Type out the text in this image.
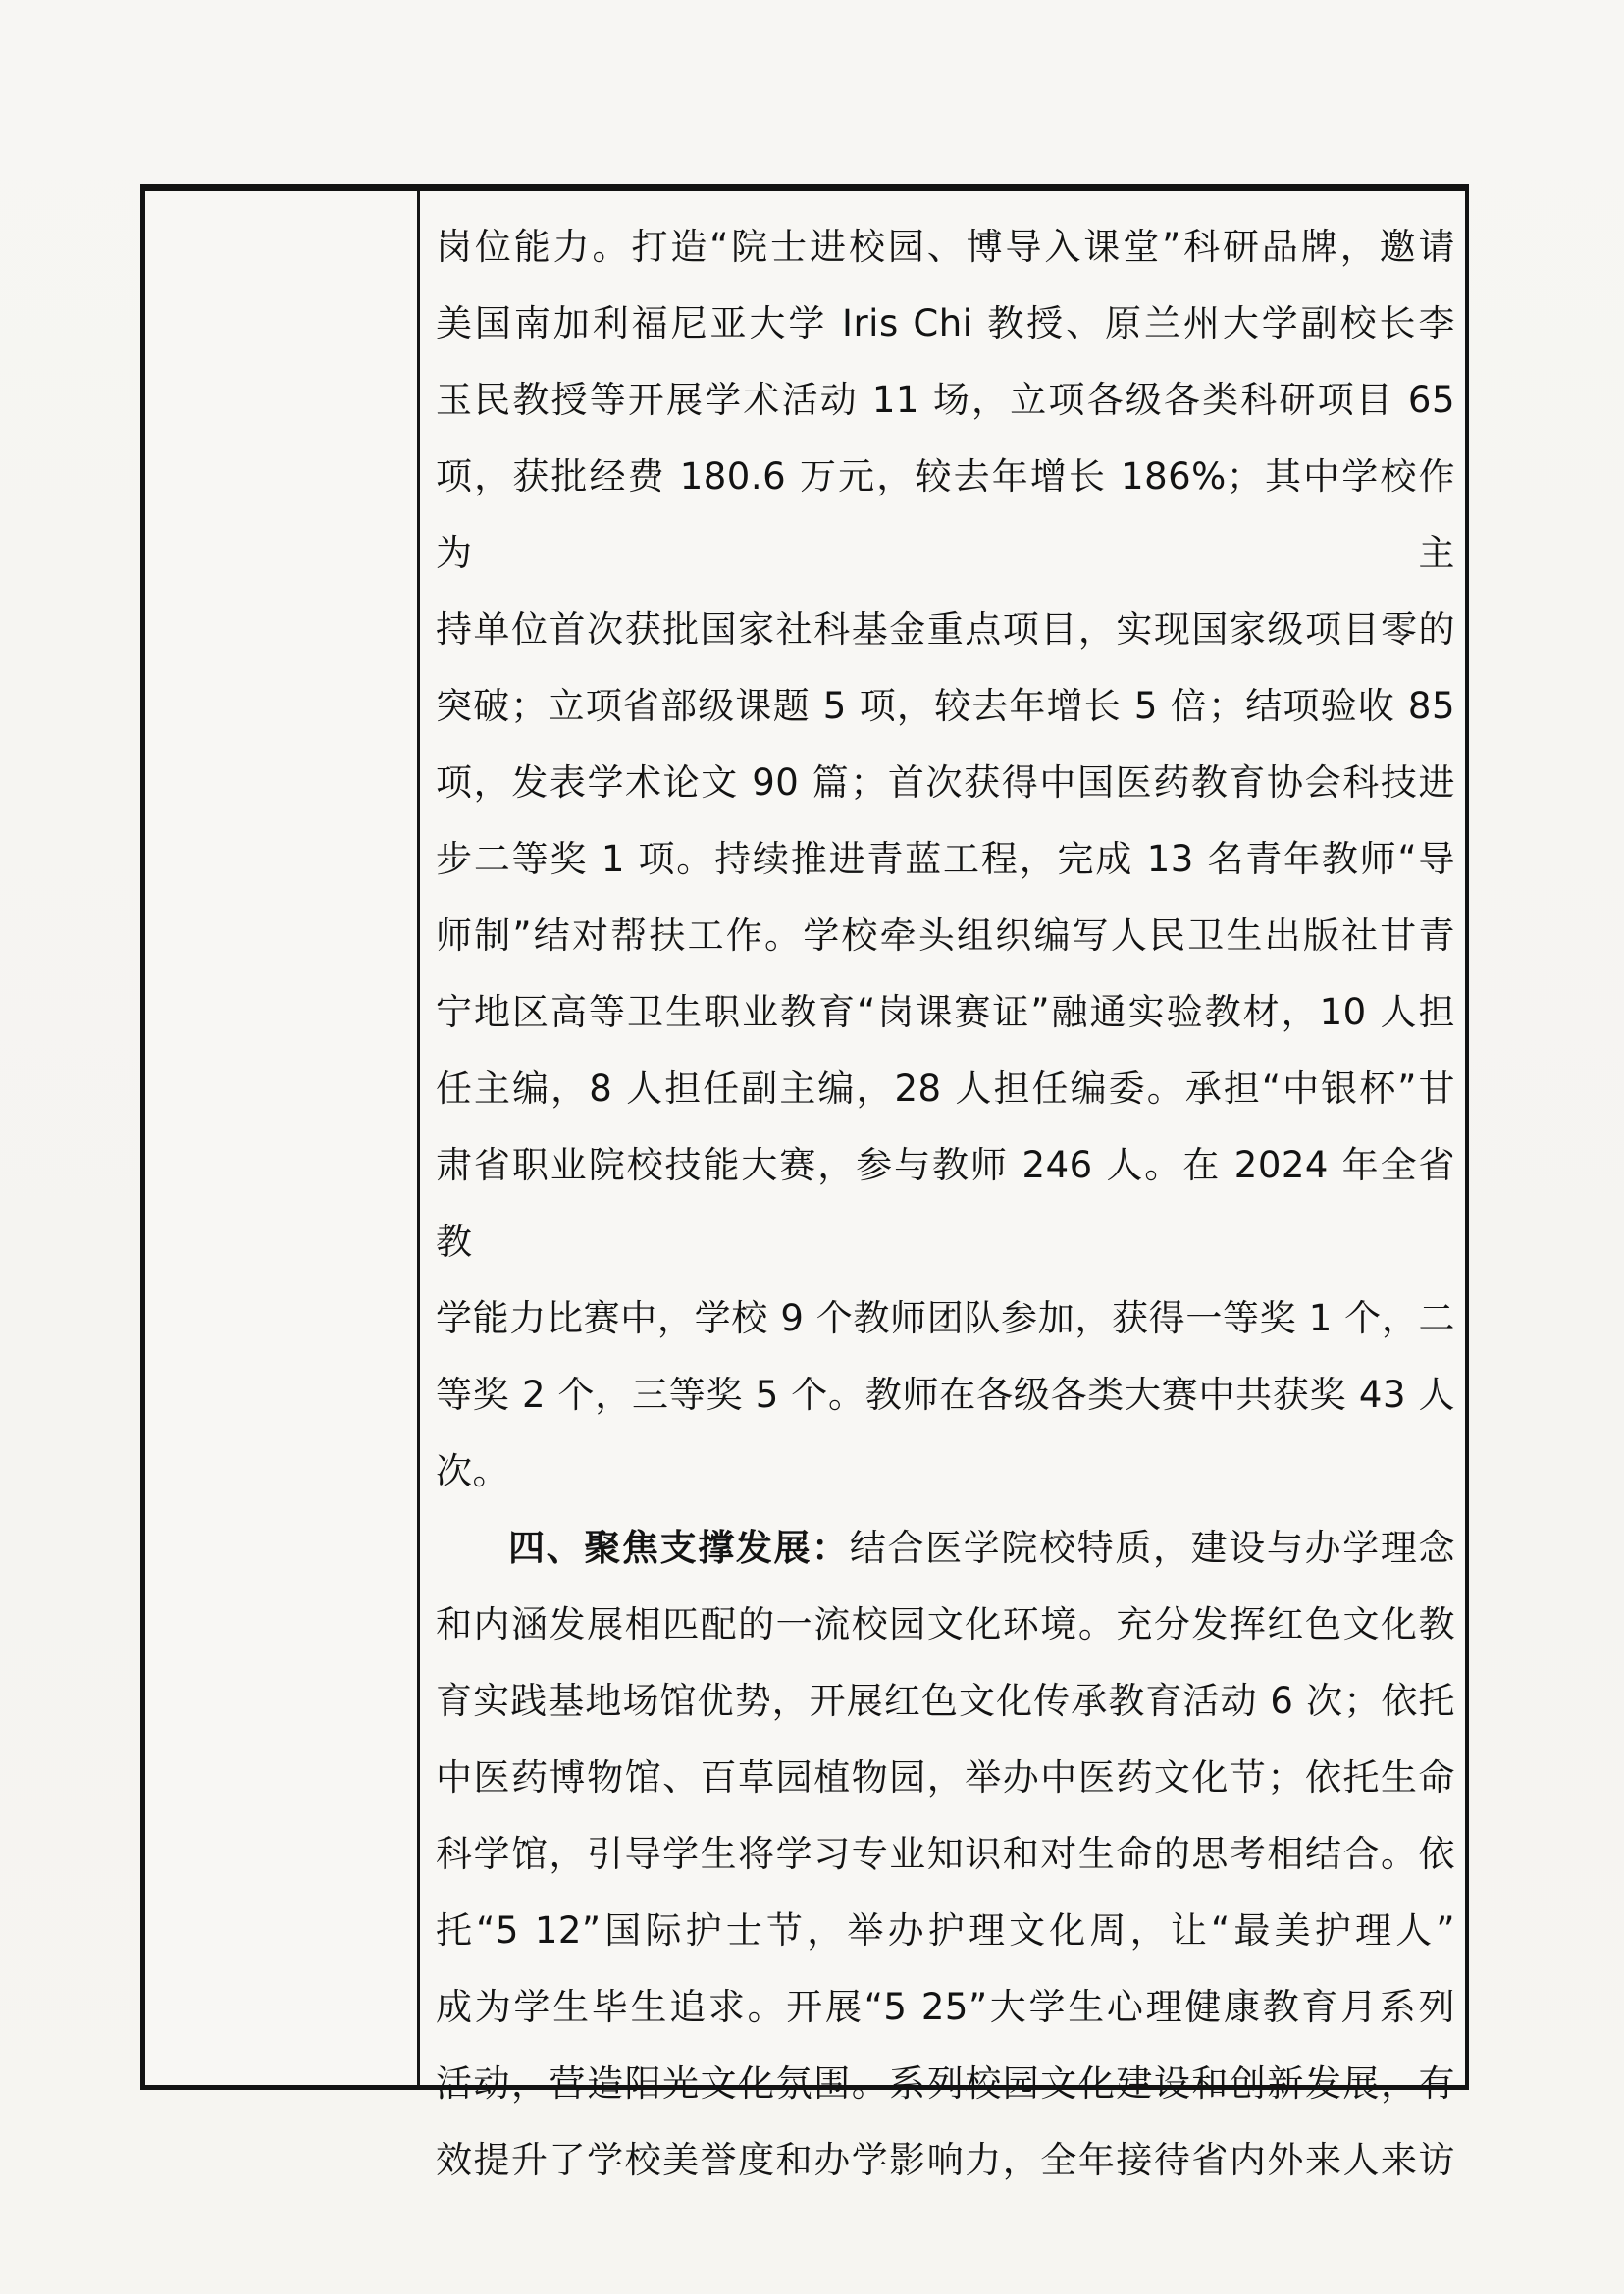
岗位能力。打造“院士进校园、博导入课堂”科研品牌，邀请
美国南加利福尼亚大学 Iris Chi 教授、原兰州大学副校长李
玉民教授等开展学术活动 11 场，立项各级各类科研项目 65
项，获批经费 180.6 万元，较去年增长 186%；其中学校作为主
持单位首次获批国家社科基金重点项目，实现国家级项目零的
突破；立项省部级课题 5 项，较去年增长 5 倍；结项验收 85
项，发表学术论文 90 篇；首次获得中国医药教育协会科技进
步二等奖 1 项。持续推进青蓝工程，完成 13 名青年教师“导
师制”结对帮扶工作。学校牵头组织编写人民卫生出版社甘青
宁地区高等卫生职业教育“岗课赛证”融通实验教材，10 人担
任主编，8 人担任副主编，28 人担任编委。承担“中银杯”甘
肃省职业院校技能大赛，参与教师 246 人。在 2024 年全省教
学能力比赛中，学校 9 个教师团队参加，获得一等奖 1 个，二
等奖 2 个，三等奖 5 个。教师在各级各类大赛中共获奖 43 人
次。
四、聚焦支撑发展：结合医学院校特质，建设与办学理念
和内涵发展相匹配的一流校园文化环境。充分发挥红色文化教
育实践基地场馆优势，开展红色文化传承教育活动 6 次；依托
中医药博物馆、百草园植物园，举办中医药文化节；依托生命
科学馆，引导学生将学习专业知识和对生命的思考相结合。依
托“5 12”国际护士节，举办护理文化周，让“最美护理人”
成为学生毕生追求。开展“5 25”大学生心理健康教育月系列
活动，营造阳光文化氛围。系列校园文化建设和创新发展，有
效提升了学校美誉度和办学影响力，全年接待省内外来人来访
